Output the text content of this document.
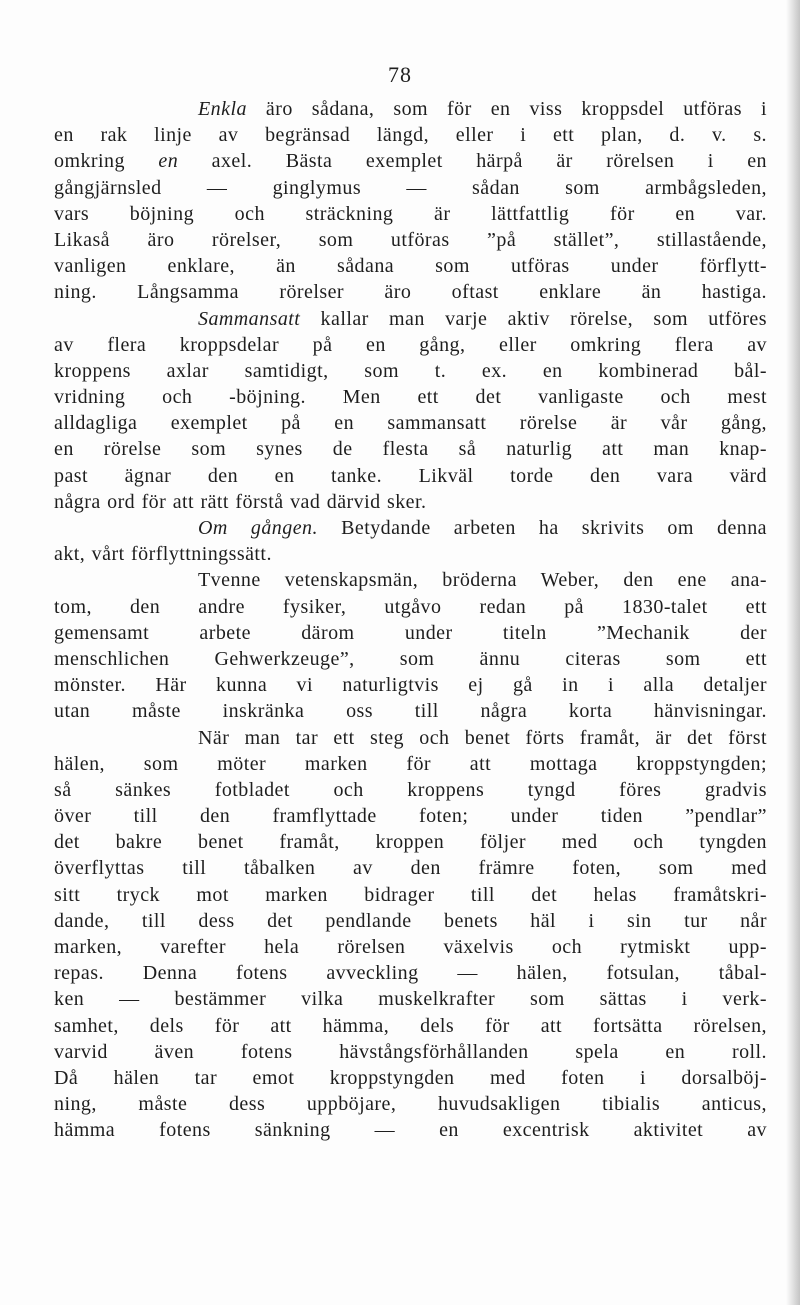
78
Enkla äro sådana, som för en viss kroppsdel utföras i
en rak linje av begränsad längd, eller i ett plan, d. v. s.
omkring en axel. Bästa exemplet härpå är rörelsen i en
gångjärnsled — ginglymus — sådan som armbågsleden,
vars böjning och sträckning är lättfattlig för en var.
Likaså äro rörelser, som utföras ”på stället”, stillastående,
vanligen enklare, än sådana som utföras under förflytt-
ning. Långsamma rörelser äro oftast enklare än hastiga.
Sammansatt kallar man varje aktiv rörelse, som utföres
av flera kroppsdelar på en gång, eller omkring flera av
kroppens axlar samtidigt, som t. ex. en kombinerad bål-
vridning och -böjning. Men ett det vanligaste och mest
alldagliga exemplet på en sammansatt rörelse är vår gång,
en rörelse som synes de flesta så naturlig att man knap-
past ägnar den en tanke. Likväl torde den vara värd
några ord för att rätt förstå vad därvid sker.
Om gången. Betydande arbeten ha skrivits om denna
akt, vårt förflyttningssätt.
Tvenne vetenskapsmän, bröderna Weber, den ene ana-
tom, den andre fysiker, utgåvo redan på 1830-talet ett
gemensamt arbete därom under titeln ”Mechanik der
menschlichen Gehwerkzeuge”, som ännu citeras som ett
mönster. Här kunna vi naturligtvis ej gå in i alla detaljer
utan måste inskränka oss till några korta hänvisningar.
När man tar ett steg och benet förts framåt, är det först
hälen, som möter marken för att mottaga kroppstyngden;
så sänkes fotbladet och kroppens tyngd föres gradvis
över till den framflyttade foten; under tiden ”pendlar”
det bakre benet framåt, kroppen följer med och tyngden
överflyttas till tåbalken av den främre foten, som med
sitt tryck mot marken bidrager till det helas framåtskri-
dande, till dess det pendlande benets häl i sin tur når
marken, varefter hela rörelsen växelvis och rytmiskt upp-
repas. Denna fotens avveckling — hälen, fotsulan, tåbal-
ken — bestämmer vilka muskelkrafter som sättas i verk-
samhet, dels för att hämma, dels för att fortsätta rörelsen,
varvid även fotens hävstångsförhållanden spela en roll.
Då hälen tar emot kroppstyngden med foten i dorsalböj-
ning, måste dess uppböjare, huvudsakligen tibialis anticus,
hämma fotens sänkning — en excentrisk aktivitet av
